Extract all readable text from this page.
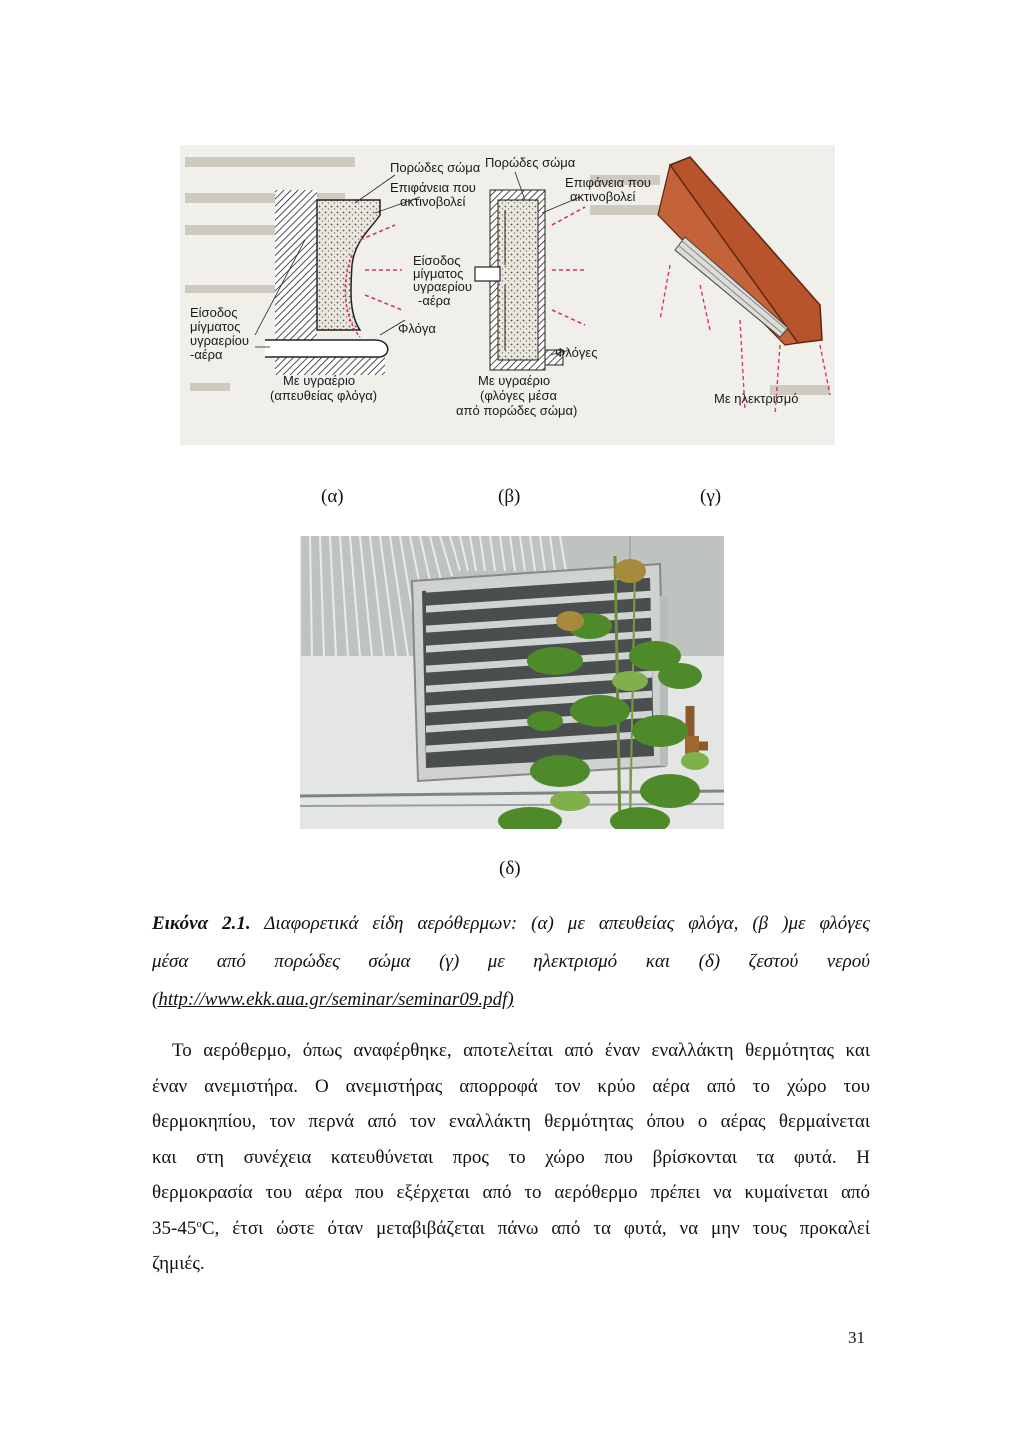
Πορώδες σώμα
Επιφάνεια που
ακτινοβολεί
Είσοδος
μίγματος
υγραερίου
-αέρα
Είσοδος
μίγματος
υγραερίου
-αέρα
Φλόγα
Με υγραέριο
(απευθείας φλόγα)
Πορώδες σώμα
Επιφάνεια που
ακτινοβολεί
Φλόγες
Με υγραέριο
(φλόγες μέσα
από πορώδες σώμα)
Με ηλεκτρισμό
(α)	(β)	(γ)
(δ)
Εικόνα 2.1. Διαφορετικά είδη αερόθερμων: (α) με απευθείας φλόγα, (β )με φλόγες
μέσα από πορώδες σώμα (γ) με ηλεκτρισμό και (δ) ζεστού νερού
(http://www.ekk.aua.gr/seminar/seminar09.pdf)
Το αερόθερμο, όπως αναφέρθηκε, αποτελείται από έναν εναλλάκτη θερμότητας και
έναν ανεμιστήρα. Ο ανεμιστήρας απορροφά τον κρύο αέρα από το χώρο του
θερμοκηπίου, τον περνά από τον εναλλάκτη θερμότητας όπου ο αέρας θερμαίνεται
και στη συνέχεια κατευθύνεται προς το χώρο που βρίσκονται τα φυτά. Η
θερμοκρασία του αέρα που εξέρχεται από το αερόθερμο πρέπει να κυμαίνεται από
35-45$^o$C, έτσι ώστε όταν μεταβιβάζεται πάνω από τα φυτά, να μην τους προκαλεί
ζημιές.
31
